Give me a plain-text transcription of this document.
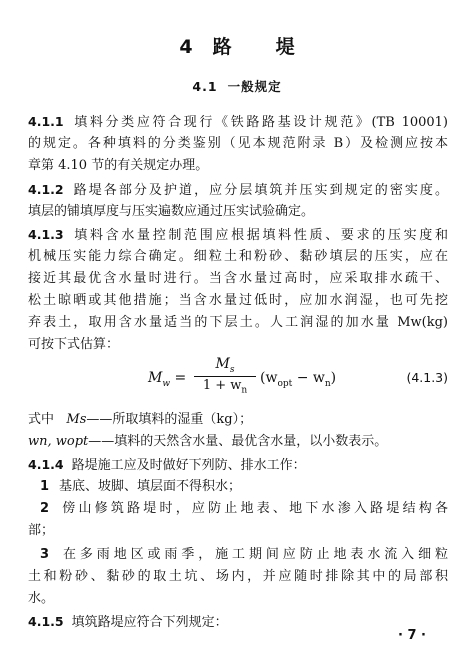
4 路 堤
4.1 一般规定
4.1.1 填料分类应符合现行《铁路路基设计规范》(TB 10001)
的规定。各种填料的分类鉴别（见本规范附录 B）及检测应按本
章第 4.10 节的有关规定办理。
4.1.2 路堤各部分及护道，应分层填筑并压实到规定的密实度。
填层的铺填厚度与压实遍数应通过压实试验确定。
4.1.3 填料含水量控制范围应根据填料性质、要求的压实度和
机械压实能力综合确定。细粒土和粉砂、黏砂填层的压实，应在
接近其最优含水量时进行。当含水量过高时，应采取排水疏干、
松土晾晒或其他措施；当含水量过低时，应加水润湿，也可先挖
弃表土，取用含水量适当的下层土。人工润湿的加水量 Mw(kg)
可按下式估算：
$M_w$ =
$M_s$
$1 + w_n$
$(w_{opt} - w_n)$	(4.1.3)
式中 Ms——所取填料的湿重（kg）；
wn, wopt——填料的天然含水量、最优含水量，以小数表示。
4.1.4 路堤施工应及时做好下列防、排水工作：
1 基底、坡脚、填层面不得积水；
2 傍山修筑路堤时，应防止地表、地下水渗入路堤结构各
部；
3 在多雨地区或雨季，施工期间应防止地表水流入细粒
土和粉砂、黏砂的取土坑、场内，并应随时排除其中的局部积
水。
4.1.5 填筑路堤应符合下列规定：
· 7 ·
